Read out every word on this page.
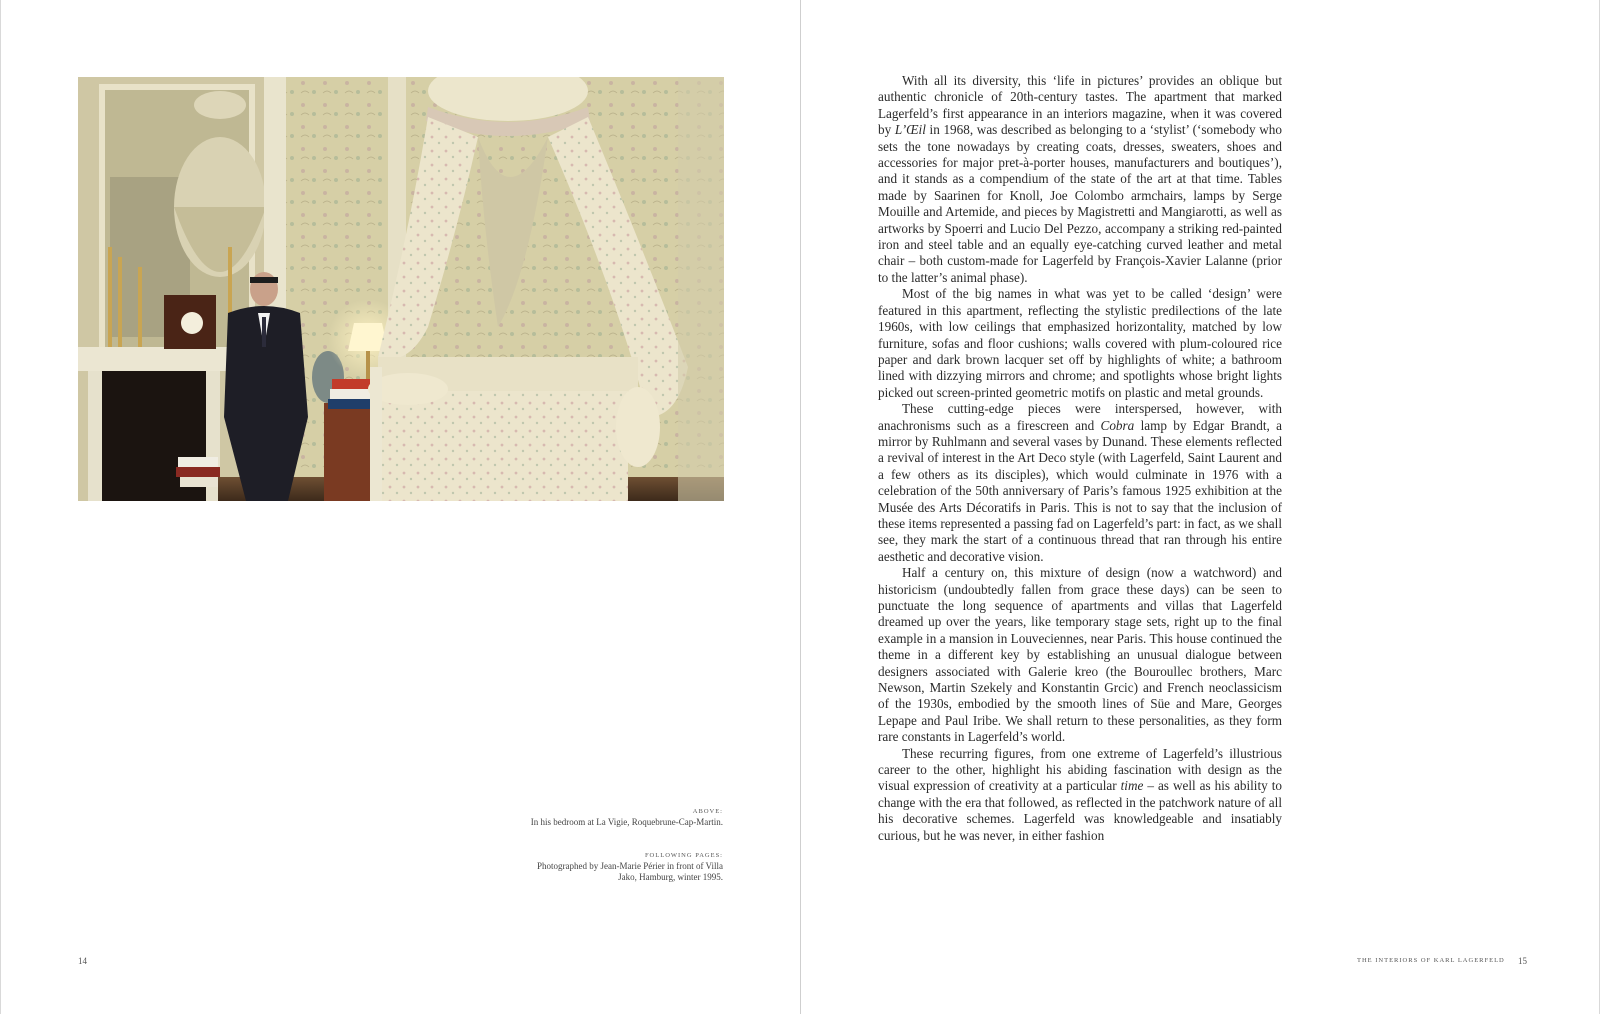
ABOVE:
In his bedroom at La Vigie, Roquebrune-Cap-Martin.
FOLLOWING PAGES:
Photographed by Jean-Marie Périer in front of Villa Jako, Hamburg, winter 1995.
14

With all its diversity, this ‘life in pictures’ provides an oblique but authentic chronicle of 20th-century tastes. The apartment that marked Lagerfeld’s first appearance in an interiors magazine, when it was covered by L’Œil in 1968, was described as belonging to a ‘stylist’ (‘somebody who sets the tone nowadays by creating coats, dresses, sweaters, shoes and accessories for major pret-à-porter houses, manufacturers and boutiques’), and it stands as a compendium of the state of the art at that time. Tables made by Saarinen for Knoll, Joe Colombo armchairs, lamps by Serge Mouille and Artemide, and pieces by Magistretti and Mangiarotti, as well as artworks by Spoerri and Lucio Del Pezzo, accompany a striking red-painted iron and steel table and an equally eye-catching curved leather and metal chair – both custom-made for Lagerfeld by François-Xavier Lalanne (prior to the latter’s animal phase).

Most of the big names in what was yet to be called ‘design’ were featured in this apartment, reflecting the stylistic predilections of the late 1960s, with low ceilings that emphasized horizontality, matched by low furniture, sofas and floor cushions; walls covered with plum-coloured rice paper and dark brown lacquer set off by highlights of white; a bathroom lined with dizzying mirrors and chrome; and spotlights whose bright lights picked out screen-printed geometric motifs on plastic and metal grounds.

These cutting-edge pieces were interspersed, however, with anachronisms such as a firescreen and Cobra lamp by Edgar Brandt, a mirror by Ruhlmann and several vases by Dunand. These elements reflected a revival of interest in the Art Deco style (with Lagerfeld, Saint Laurent and a few others as its disciples), which would culminate in 1976 with a celebration of the 50th anniversary of Paris’s famous 1925 exhibition at the Musée des Arts Décoratifs in Paris. This is not to say that the inclusion of these items represented a passing fad on Lagerfeld’s part: in fact, as we shall see, they mark the start of a continuous thread that ran through his entire aesthetic and decorative vision.

Half a century on, this mixture of design (now a watchword) and historicism (undoubtedly fallen from grace these days) can be seen to punctuate the long sequence of apartments and villas that Lagerfeld dreamed up over the years, like temporary stage sets, right up to the final example in a mansion in Louveciennes, near Paris. This house continued the theme in a different key by establishing an unusual dialogue between designers associated with Galerie kreo (the Bouroullec brothers, Marc Newson, Martin Szekely and Konstantin Grcic) and French neoclassicism of the 1930s, embodied by the smooth lines of Süe and Mare, Georges Lepape and Paul Iribe. We shall return to these personalities, as they form rare constants in Lagerfeld’s world.

These recurring figures, from one extreme of Lagerfeld’s illustrious career to the other, highlight his abiding fascination with design as the visual expression of creativity at a particular time – as well as his ability to change with the era that followed, as reflected in the patchwork nature of all his decorative schemes. Lagerfeld was knowledgeable and insatiably curious, but he was never, in either fashion

THE INTERIORS OF KARL LAGERFELD 15
